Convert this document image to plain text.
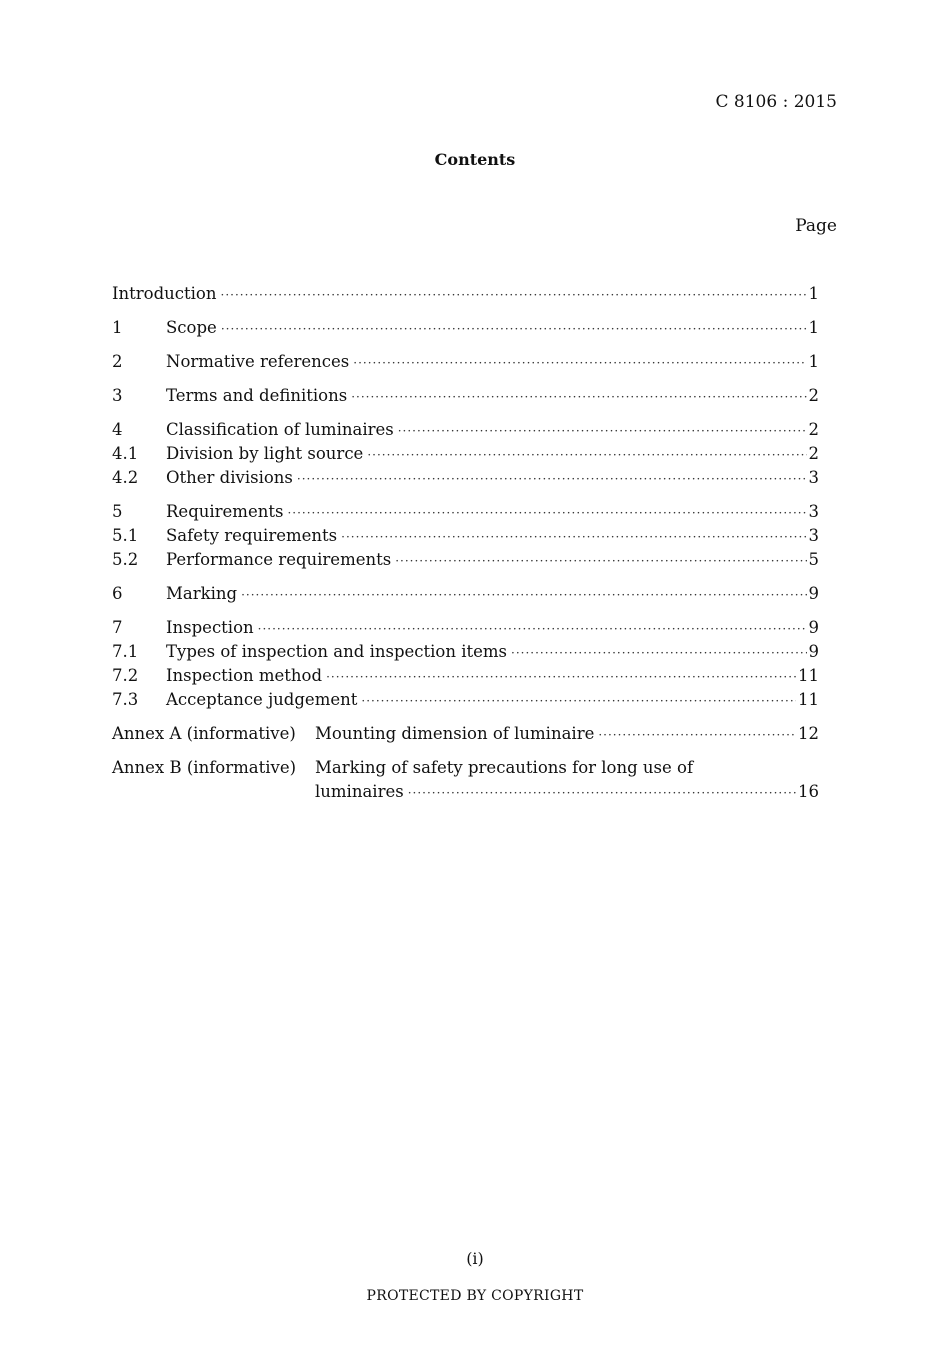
C 8106 : 2015
Contents
Page
Introduction ·····	1
1	Scope ·····	1
2	Normative references ·····	1
3	Terms and definitions ·····	2
4	Classification of luminaires ·····	2
4.1	Division by light source ·····	2
4.2	Other divisions ·····	3
5	Requirements ·····	3
5.1	Safety requirements ·····	3
5.2	Performance requirements ·····	5
6	Marking ·····	9
7	Inspection ·····	9
7.1	Types of inspection and inspection items ·····	9
7.2	Inspection method ·····	11
7.3	Acceptance judgement ·····	11
Annex A (informative)	Mounting dimension of luminaire ·····	12
Annex B (informative)	Marking of safety precautions for long use of
luminaires ·····	16
(i)
PROTECTED BY COPYRIGHT
